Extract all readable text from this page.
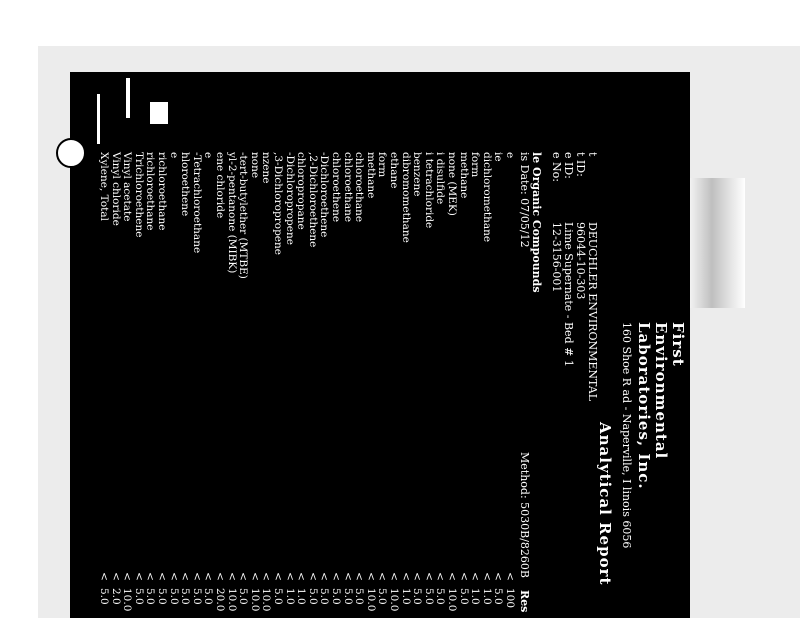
First
Environmental
Laboratories, Inc.
160 Shoe R ad - Naperville, I linois 6056
Analytical Report
t
DEUCHLER ENVIRONMENTAL
t ID:
96044-10-303
e ID:
Lime Supernate - Bed # 1
e No:
12-3156-001
le Organic Compounds
is Date: 07/05/12
Method: 5030B/8260B
Res
e
<
100
ie
<
5.0
dichloromethane
<
1.0
form
<
1.0
methane
<
5.0
none (MEK)
<
10.0
i disulfide
<
5.0
i tetrachloride
<
5.0
benzene
<
5.0
dibromomethane
<
1.0
ethane
<
10.0
form
<
5.0
methane
<
10.0
chloroethane
<
5.0
chloroethane
<
5.0
chloroethene
<
5.0
-Dichloroethene
<
5.0
,2-Dichloroethene
<
5.0
chloropropane
<
1.0
-Dichloropropene
<
1.0
,3-Dichloropropene
<
5.0
nzene
<
10.0
none
<
10.0
-tert-butylether (MTBE)
<
5.0
yl-2-pentanone (MIBK)
<
10.0
ene chloride
<
20.0
e
<
5.0
-Tetrachloroethane
<
5.0
hloroethene
<
5.0
e
<
5.0
richloroethane
<
5.0
richloroethane
<
5.0
Trichloroethene
<
5.0
Vinyl acetate
<
10.0
Vinyl chloride
<
2.0
Xylene, Total
<
5.0
